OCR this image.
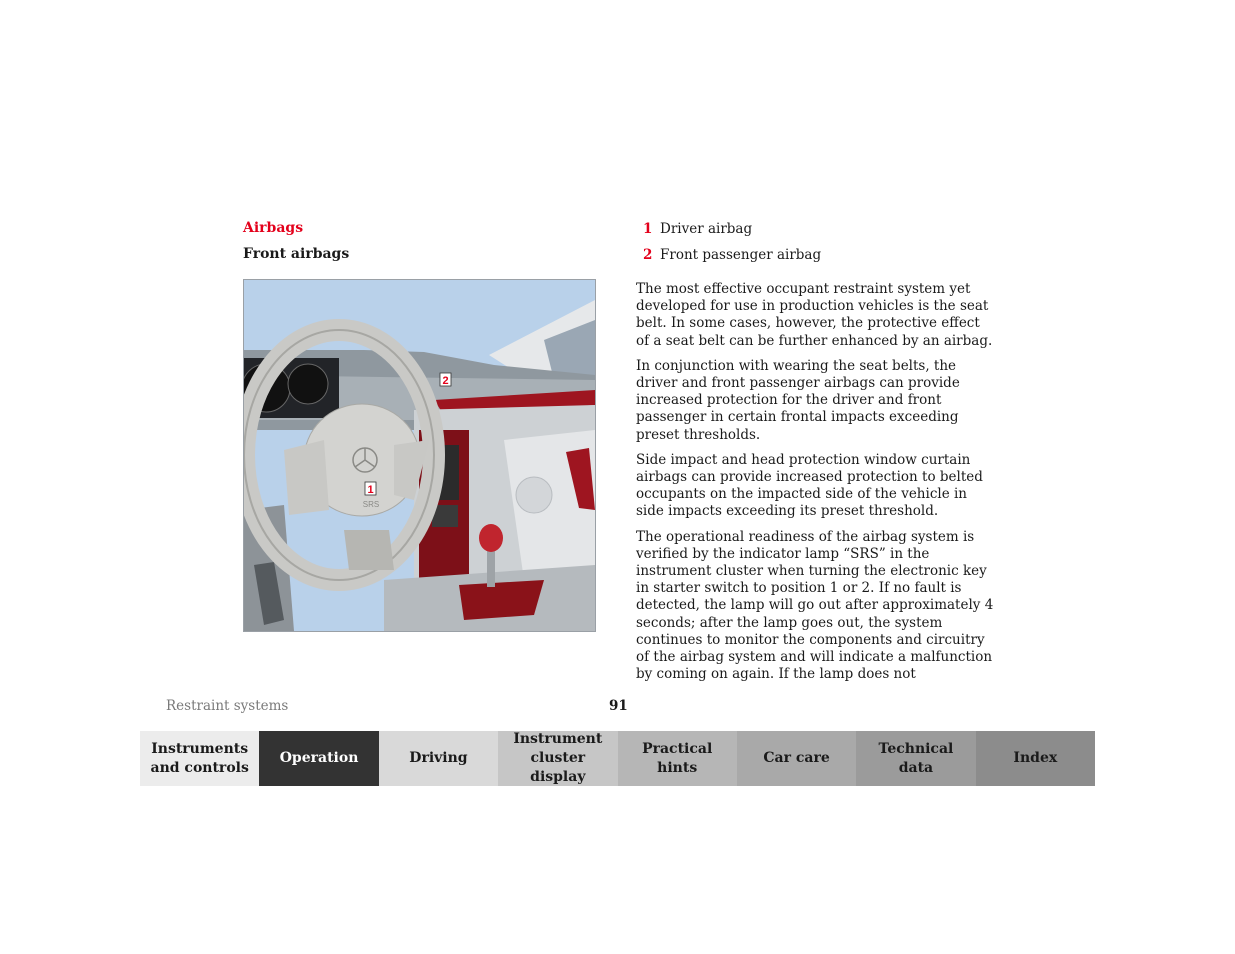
Airbags
Front airbags
2
1
SRS
1 Driver airbag
2 Front passenger airbag

The most effective occupant restraint system yet developed for use in production vehicles is the seat belt. In some cases, however, the protective effect of a seat belt can be further enhanced by an airbag.

In conjunction with wearing the seat belts, the driver and front passenger airbags can provide increased protection for the driver and front passenger in certain frontal impacts exceeding preset thresholds.

Side impact and head protection window curtain airbags can provide increased protection to belted occupants on the impacted side of the vehicle in side impacts exceeding its preset threshold.

The operational readiness of the airbag system is verified by the indicator lamp “SRS” in the instrument cluster when turning the electronic key in starter switch to position 1 or 2. If no fault is detected, the lamp will go out after approximately 4 seconds; after the lamp goes out, the system continues to monitor the components and circuitry of the airbag system and will indicate a malfunction by coming on again. If the lamp does not

Restraint systems	91
Instruments and controls
Operation	Driving
Instrument cluster display
Practical hints
Car care
Technical data
Index
